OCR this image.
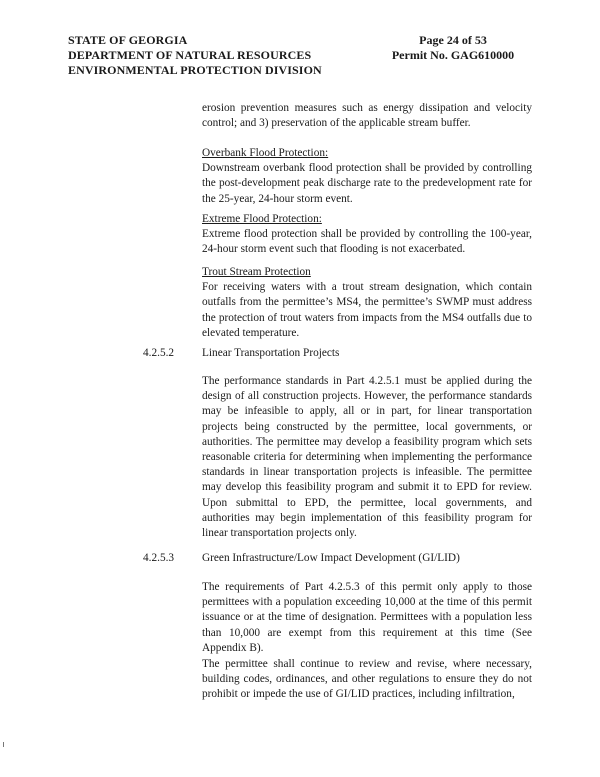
STATE OF GEORGIA
DEPARTMENT OF NATURAL RESOURCES
ENVIRONMENTAL PROTECTION DIVISION
Page 24 of 53
Permit No. GAG610000
erosion prevention measures such as energy dissipation and velocity control; and 3) preservation of the applicable stream buffer.
Overbank Flood Protection:
Downstream overbank flood protection shall be provided by controlling the post-development peak discharge rate to the predevelopment rate for the 25-year, 24-hour storm event.
Extreme Flood Protection:
Extreme flood protection shall be provided by controlling the 100-year, 24-hour storm event such that flooding is not exacerbated.
Trout Stream Protection
For receiving waters with a trout stream designation, which contain outfalls from the permittee’s MS4, the permittee’s SWMP must address the protection of trout waters from impacts from the MS4 outfalls due to elevated temperature.
4.2.5.2 Linear Transportation Projects
The performance standards in Part 4.2.5.1 must be applied during the design of all construction projects. However, the performance standards may be infeasible to apply, all or in part, for linear transportation projects being constructed by the permittee, local governments, or authorities. The permittee may develop a feasibility program which sets reasonable criteria for determining when implementing the performance standards in linear transportation projects is infeasible. The permittee may develop this feasibility program and submit it to EPD for review. Upon submittal to EPD, the permittee, local governments, and authorities may begin implementation of this feasibility program for linear transportation projects only.
4.2.5.3 Green Infrastructure/Low Impact Development (GI/LID)
The requirements of Part 4.2.5.3 of this permit only apply to those permittees with a population exceeding 10,000 at the time of this permit issuance or at the time of designation. Permittees with a population less than 10,000 are exempt from this requirement at this time (See Appendix B).
The permittee shall continue to review and revise, where necessary, building codes, ordinances, and other regulations to ensure they do not prohibit or impede the use of GI/LID practices, including infiltration,
